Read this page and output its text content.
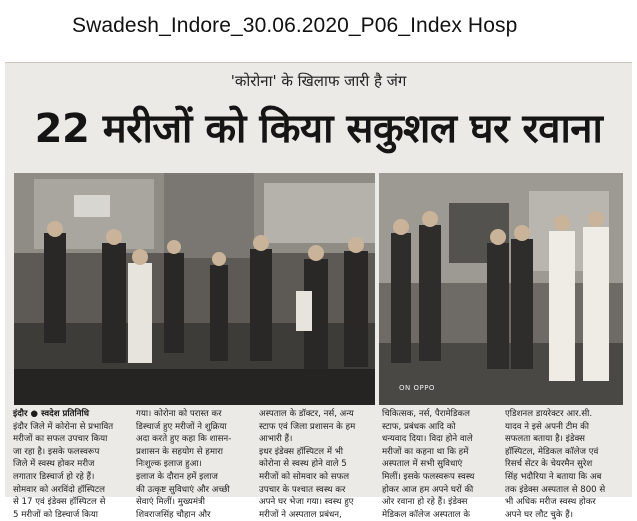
Swadesh_Indore_30.06.2020_P06_Index Hosp
'कोरोना' के खिलाफ जारी है जंग
22 मरीजों को किया सकुशल घर रवाना
ON OPPO
इंदौर ● स्वदेश प्रतिनिधि
इंदौर जिले में कोरोना से प्रभावित
मरीजों का सफल उपचार किया
जा रहा है। इसके फलस्वरूप
जिले में स्वस्थ होकर मरीज
लगातार डिस्चार्ज हो रहे हैं।
सोमवार को अरविंदो हॉस्पिटल
से 17 एवं इंडेक्स हॉस्पिटल से
5 मरीजों को डिस्चार्ज किया
गया। कोरोना को परास्त कर
डिस्चार्ज हुए मरीजों ने शुक्रिया
अदा करते हुए कहा कि शासन-
प्रशासन के सहयोग से हमारा
निःशुल्क इलाज हुआ।
इलाज के दौरान हमें इलाज
की उत्कृष्ट सुविधाएं और अच्छी
सेवाएं मिलीं। मुख्यमंत्री
शिवराजसिंह चौहान और
अस्पताल के डॉक्टर, नर्स, अन्य
स्टाफ एवं जिला प्रशासन के हम
आभारी हैं।
इधर इंडेक्स हॉस्पिटल में भी
कोरोना से स्वस्थ होने वाले 5
मरीजों को सोमवार को सफल
उपचार के पश्चात स्वस्थ कर
अपने घर भेजा गया। स्वस्थ हुए
मरीजों ने अस्पताल प्रबंधन,
चिकित्सक, नर्स, पैरामेडिकल
स्टाफ, प्रबंधक आदि को
धन्यवाद दिया। विदा होने वाले
मरीजों का कहना था कि हमें
अस्पताल में सभी सुविधाएं
मिलीं। इसके फलस्वरूप स्वस्थ
होकर आज हम अपने घरों की
ओर रवाना हो रहे हैं। इंडेक्स
मेडिकल कॉलेज अस्पताल के
एडिशनल डायरेक्टर आर.सी.
यादव ने इसे अपनी टीम की
सफलता बताया है। इंडेक्स
हॉस्पिटल, मेडिकल कॉलेज एवं
रिसर्च सेंटर के चेयरमैन सुरेश
सिंह भदौरिया ने बताया कि अब
तक इंडेक्स अस्पताल से 800 से
भी अधिक मरीज स्वस्थ होकर
अपने घर लौट चुके हैं।
